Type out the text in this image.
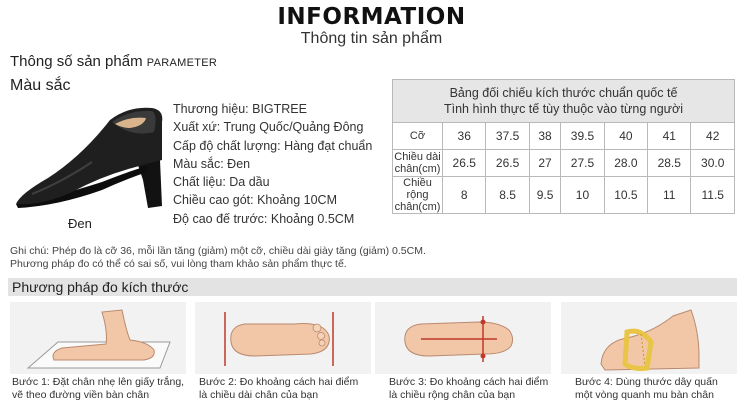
INFORMATION
Thông tin sản phẩm
Thông số sản phẩm PARAMETER
Màu sắc
Đen
Thương hiệu: BIGTREE
Xuất xứ: Trung Quốc/Quảng Đông
Cấp độ chất lượng: Hàng đạt chuẩn
Màu sắc: Đen
Chất liệu: Da dầu
Chiều cao gót: Khoảng 10CM
Độ cao đế trước: Khoảng 0.5CM
Bảng đối chiếu kích thước chuẩn quốc tế
Tình hình thực tế tùy thuộc vào từng người							

Cỡ	36	37.5	38	39.5	40	41	42
Chiều dài chân(cm)	26.5	26.5	27	27.5	28.0	28.5	30.0
Chiều rộng chân(cm)	8	8.5	9.5	10	10.5	11	11.5
Ghi chú: Phép đo là cỡ 36, mỗi lần tăng (giảm) một cỡ, chiều dài giày tăng (giảm) 0.5CM.
Phương pháp đo có thể có sai số, vui lòng tham khảo sản phẩm thực tế.
Phương pháp đo kích thước
Bước 1: Đặt chân nhẹ lên giấy trắng,
vẽ theo đường viền bàn chân
Bước 2: Đo khoảng cách hai điểm
là chiều dài chân của bạn
Bước 3: Đo khoảng cách hai điểm
là chiều rộng chân của bạn
Bước 4: Dùng thước dây quấn
một vòng quanh mu bàn chân
